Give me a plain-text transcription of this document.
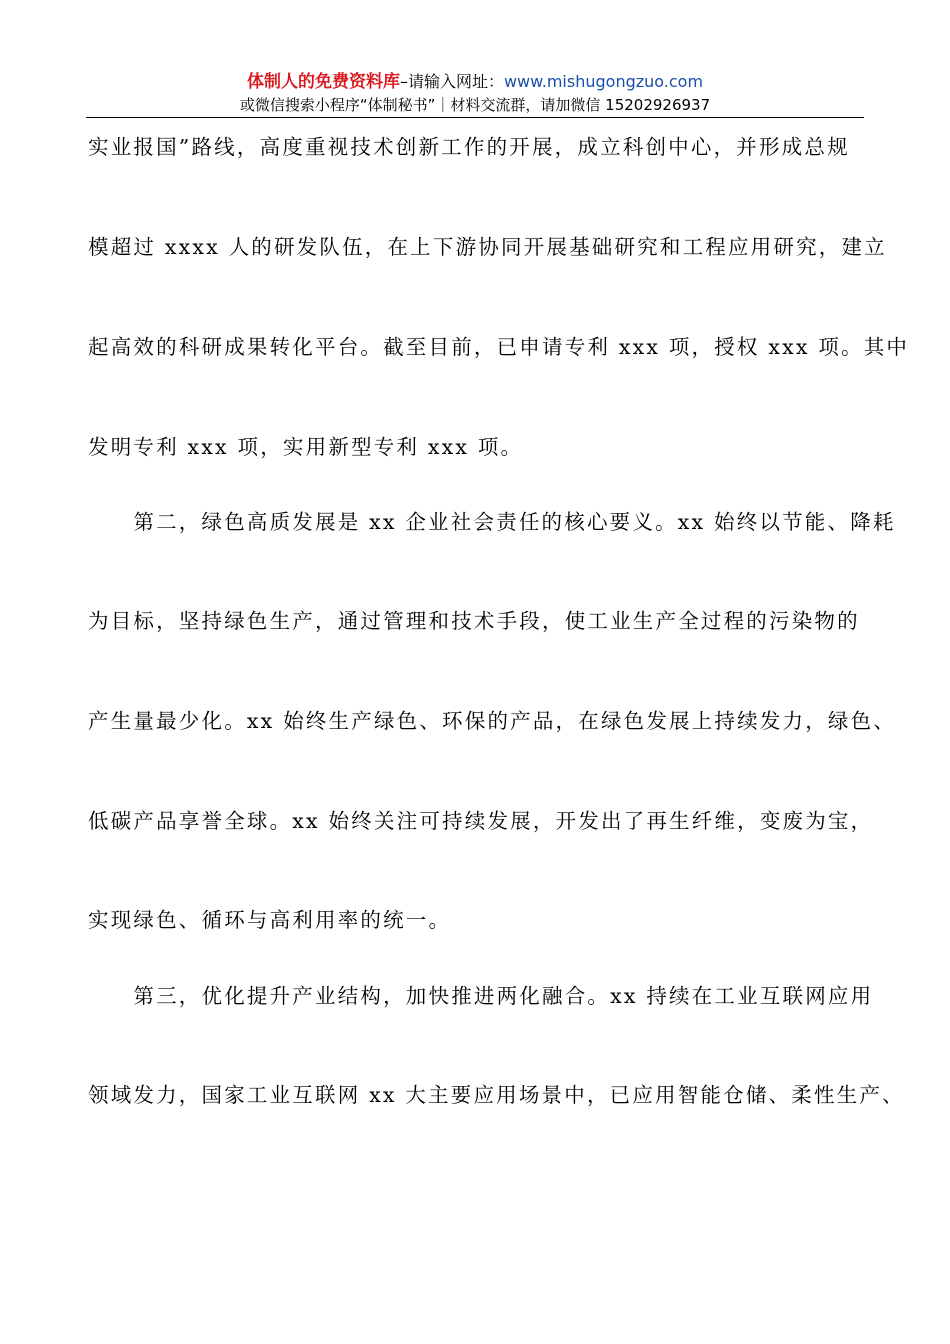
体制人的免费资料库–请输入网址：www.mishugongzuo.com
或微信搜索小程序“体制秘书”｜材料交流群，请加微信 15202926937
实业报国”路线，高度重视技术创新工作的开展，成立科创中心，并形成总规
模超过 xxxx 人的研发队伍，在上下游协同开展基础研究和工程应用研究，建立
起高效的科研成果转化平台。截至目前，已申请专利 xxx 项，授权 xxx 项。其中
发明专利 xxx 项，实用新型专利 xxx 项。
　　第二，绿色高质发展是 xx 企业社会责任的核心要义。xx 始终以节能、降耗
为目标，坚持绿色生产，通过管理和技术手段，使工业生产全过程的污染物的
产生量最少化。xx 始终生产绿色、环保的产品，在绿色发展上持续发力，绿色、
低碳产品享誉全球。xx 始终关注可持续发展，开发出了再生纤维，变废为宝，
实现绿色、循环与高利用率的统一。
　　第三，优化提升产业结构，加快推进两化融合。xx 持续在工业互联网应用
领域发力，国家工业互联网 xx 大主要应用场景中，已应用智能仓储、柔性生产、
